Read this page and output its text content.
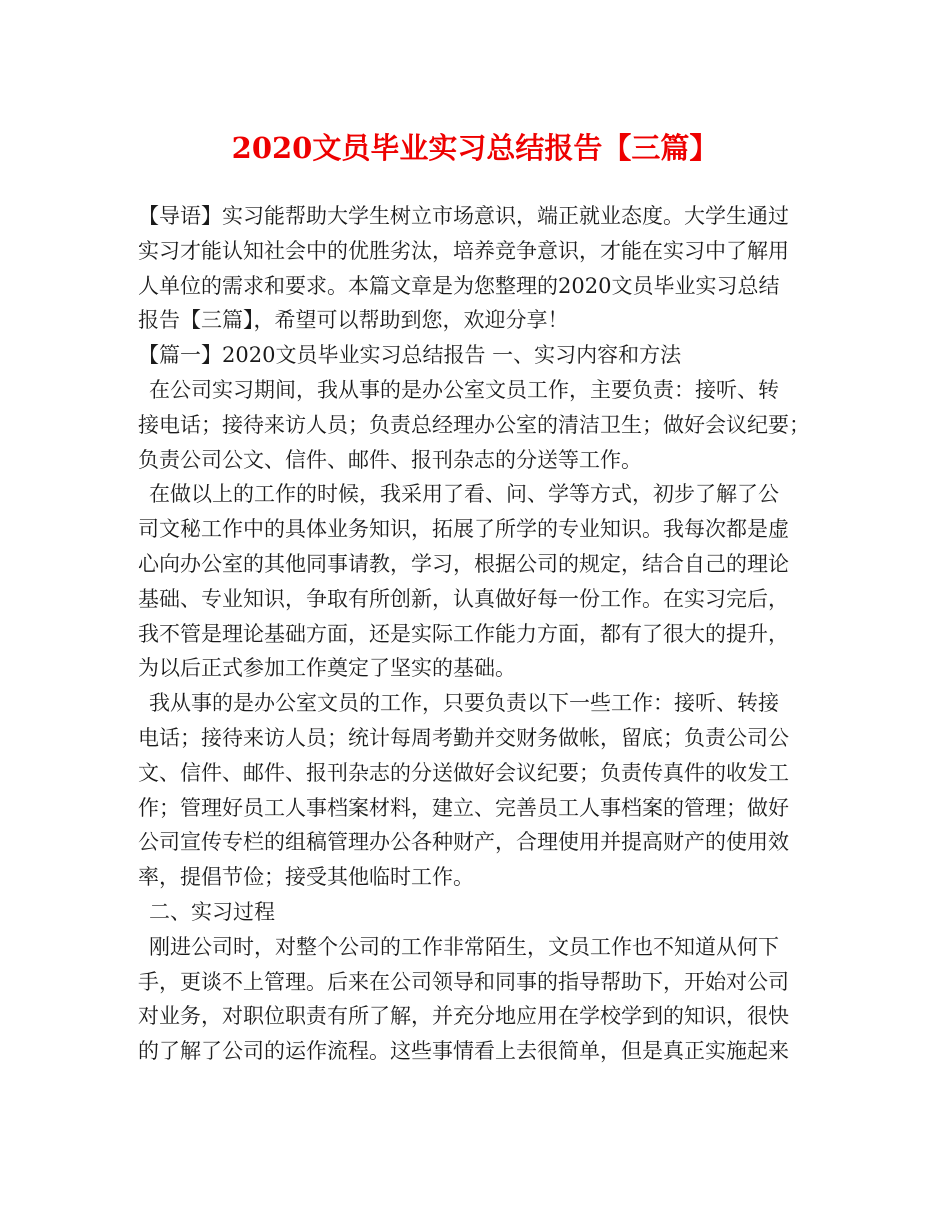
2020文员毕业实习总结报告【三篇】
【导语】实习能帮助大学生树立市场意识，端正就业态度。大学生通过
实习才能认知社会中的优胜劣汰，培养竞争意识，才能在实习中了解用
人单位的需求和要求。本篇文章是为您整理的2020文员毕业实习总结
报告【三篇】，希望可以帮助到您，欢迎分享！
【篇一】2020文员毕业实习总结报告 一、实习内容和方法
在公司实习期间，我从事的是办公室文员工作，主要负责：接听、转
接电话；接待来访人员；负责总经理办公室的清洁卫生；做好会议纪要；
负责公司公文、信件、邮件、报刊杂志的分送等工作。
在做以上的工作的时候，我采用了看、问、学等方式，初步了解了公
司文秘工作中的具体业务知识，拓展了所学的专业知识。我每次都是虚
心向办公室的其他同事请教，学习，根据公司的规定，结合自己的理论
基础、专业知识，争取有所创新，认真做好每一份工作。在实习完后，
我不管是理论基础方面，还是实际工作能力方面，都有了很大的提升，
为以后正式参加工作奠定了坚实的基础。
我从事的是办公室文员的工作，只要负责以下一些工作：接听、转接
电话；接待来访人员；统计每周考勤并交财务做帐，留底；负责公司公
文、信件、邮件、报刊杂志的分送做好会议纪要；负责传真件的收发工
作；管理好员工人事档案材料，建立、完善员工人事档案的管理；做好
公司宣传专栏的组稿管理办公各种财产，合理使用并提高财产的使用效
率，提倡节俭；接受其他临时工作。
二、实习过程
刚进公司时，对整个公司的工作非常陌生，文员工作也不知道从何下
手，更谈不上管理。后来在公司领导和同事的指导帮助下，开始对公司
对业务，对职位职责有所了解，并充分地应用在学校学到的知识，很快
的了解了公司的运作流程。这些事情看上去很简单，但是真正实施起来
